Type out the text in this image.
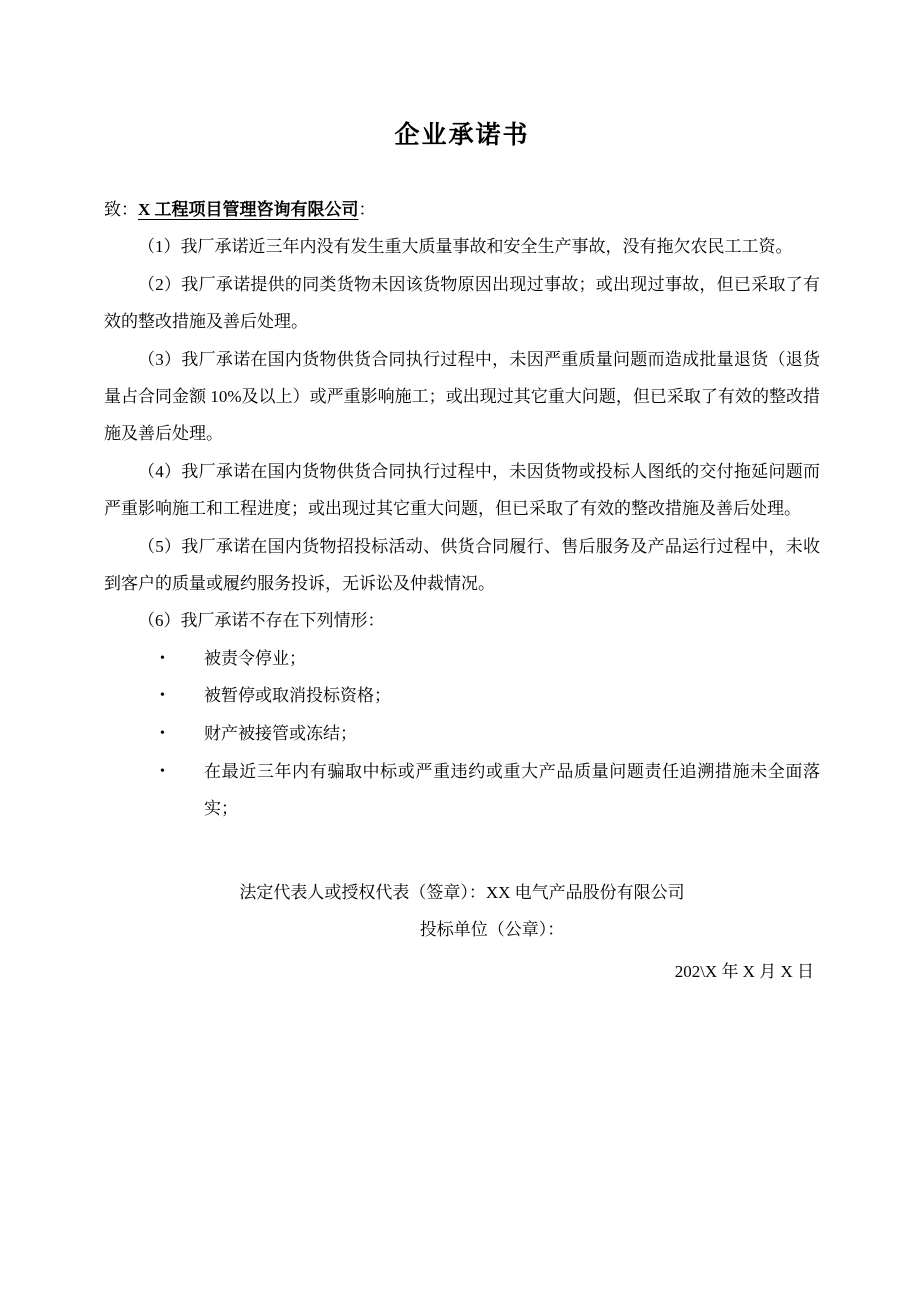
企业承诺书

致：X 工程项目管理咨询有限公司：

（1）我厂承诺近三年内没有发生重大质量事故和安全生产事故，没有拖欠农民工工资。

（2）我厂承诺提供的同类货物未因该货物原因出现过事故；或出现过事故，但已采取了有效的整改措施及善后处理。

（3）我厂承诺在国内货物供货合同执行过程中，未因严重质量问题而造成批量退货（退货量占合同金额 10%及以上）或严重影响施工；或出现过其它重大问题，但已采取了有效的整改措施及善后处理。

（4）我厂承诺在国内货物供货合同执行过程中，未因货物或投标人图纸的交付拖延问题而严重影响施工和工程进度；或出现过其它重大问题，但已采取了有效的整改措施及善后处理。

（5）我厂承诺在国内货物招投标活动、供货合同履行、售后服务及产品运行过程中，未收到客户的质量或履约服务投诉，无诉讼及仲裁情况。

（6）我厂承诺不存在下列情形：

•	被责令停业；
•	被暂停或取消投标资格；
•	财产被接管或冻结；
•	在最近三年内有骗取中标或严重违约或重大产品质量问题责任追溯措施未全面落实；

法定代表人或授权代表（签章）：XX 电气产品股份有限公司

投标单位（公章）：

202\X 年 X 月 X 日
